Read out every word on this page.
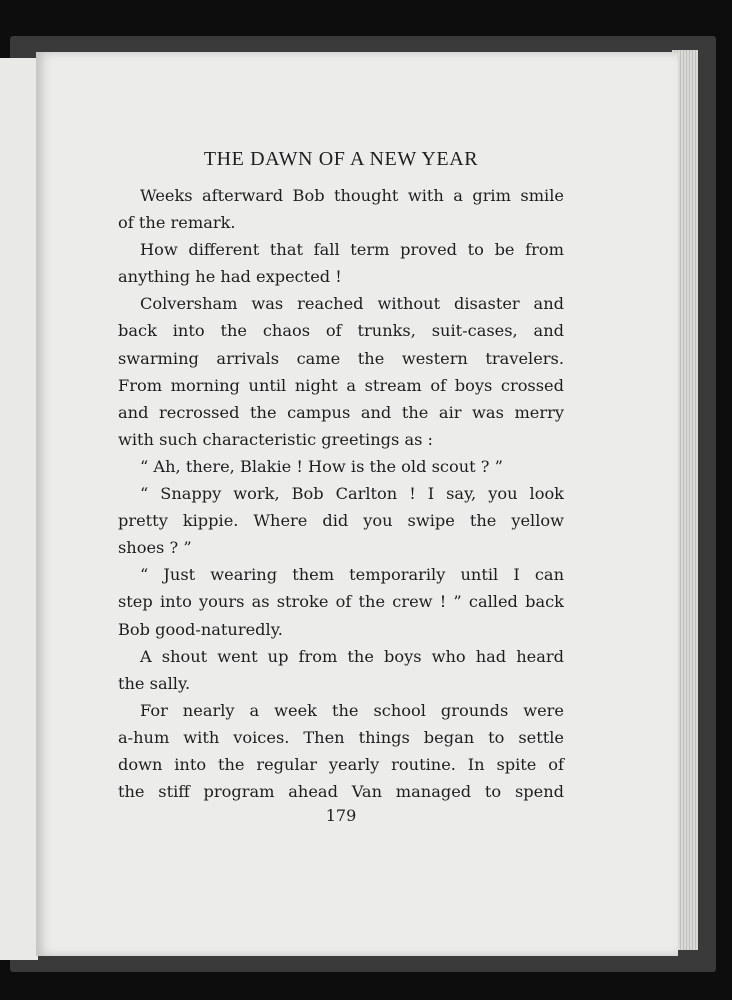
THE DAWN OF A NEW YEAR
Weeks afterward Bob thought with a grim smile
of the remark.
How different that fall term proved to be from
anything he had expected !
Colversham was reached without disaster and
back into the chaos of trunks, suit-cases, and
swarming arrivals came the western travelers.
From morning until night a stream of boys crossed
and recrossed the campus and the air was merry
with such characteristic greetings as :
“ Ah, there, Blakie ! How is the old scout ? ”
“ Snappy work, Bob Carlton ! I say, you look
pretty kippie. Where did you swipe the yellow
shoes ? ”
“ Just wearing them temporarily until I can
step into yours as stroke of the crew ! ” called back
Bob good-naturedly.
A shout went up from the boys who had heard
the sally.
For nearly a week the school grounds were
a-hum with voices. Then things began to settle
down into the regular yearly routine. In spite of
the stiff program ahead Van managed to spend
179
